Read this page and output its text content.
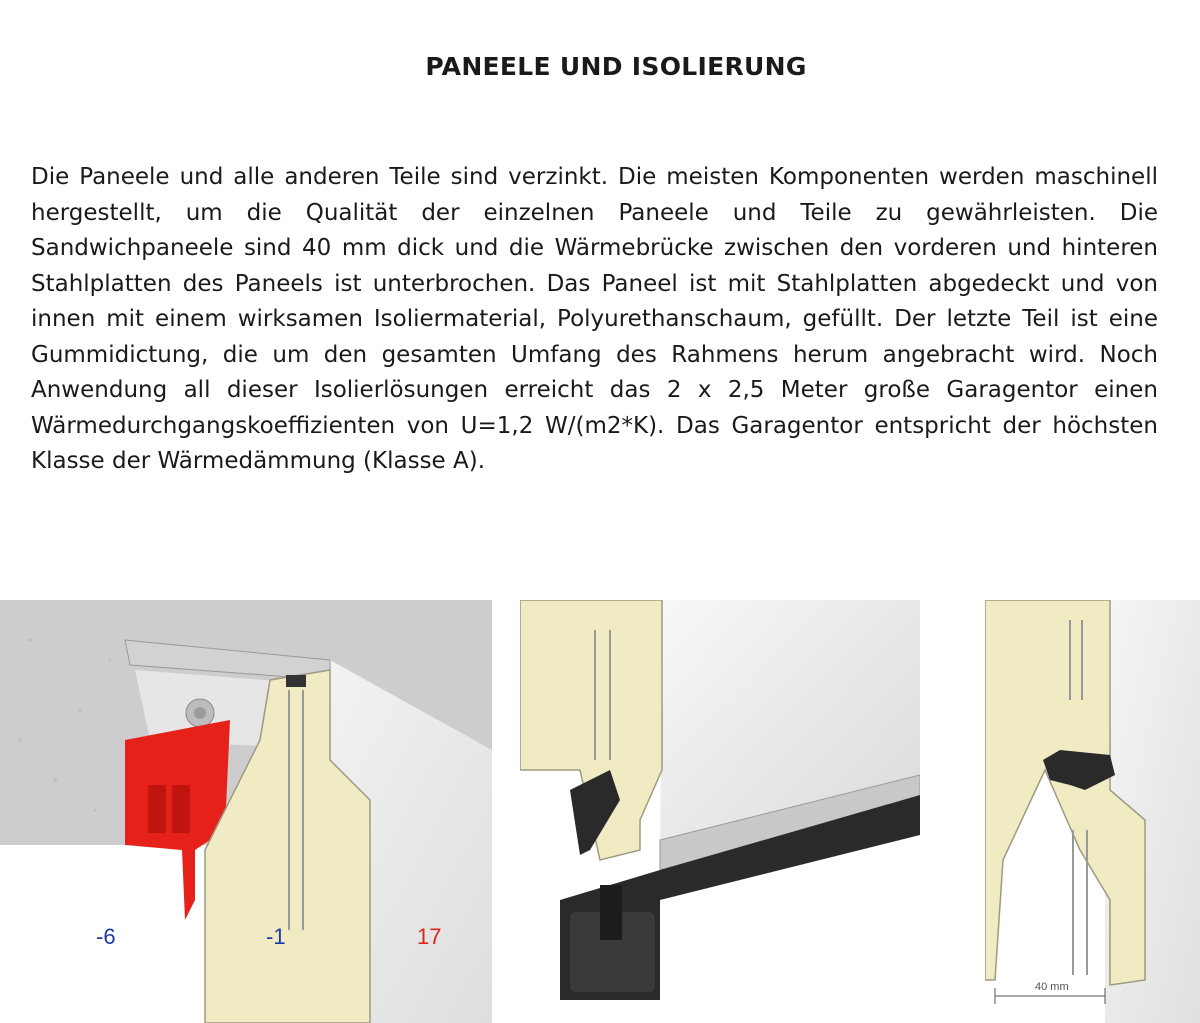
PANEELE UND ISOLIERUNG
Die Paneele und alle anderen Teile sind verzinkt. Die meisten Komponenten werden maschinell hergestellt, um die Qualität der einzelnen Paneele und Teile zu gewährleisten. Die Sandwichpaneele sind 40 mm dick und die Wärmebrücke zwischen den vorderen und hinteren Stahlplatten des Paneels ist unterbrochen. Das Paneel ist mit Stahlplatten abgedeckt und von innen mit einem wirksamen Isoliermaterial, Polyurethanschaum, gefüllt. Der letzte Teil ist eine Gummidictung, die um den gesamten Umfang des Rahmens herum angebracht wird. Noch Anwendung all dieser Isolierlösungen erreicht das 2 x 2,5 Meter große Garagentor einen Wärmedurchgangskoeffizienten von U=1,2 W/(m2*K). Das Garagentor entspricht der höchsten Klasse der Wärmedämmung (Klasse A).
-6	-1	17
40 mm
